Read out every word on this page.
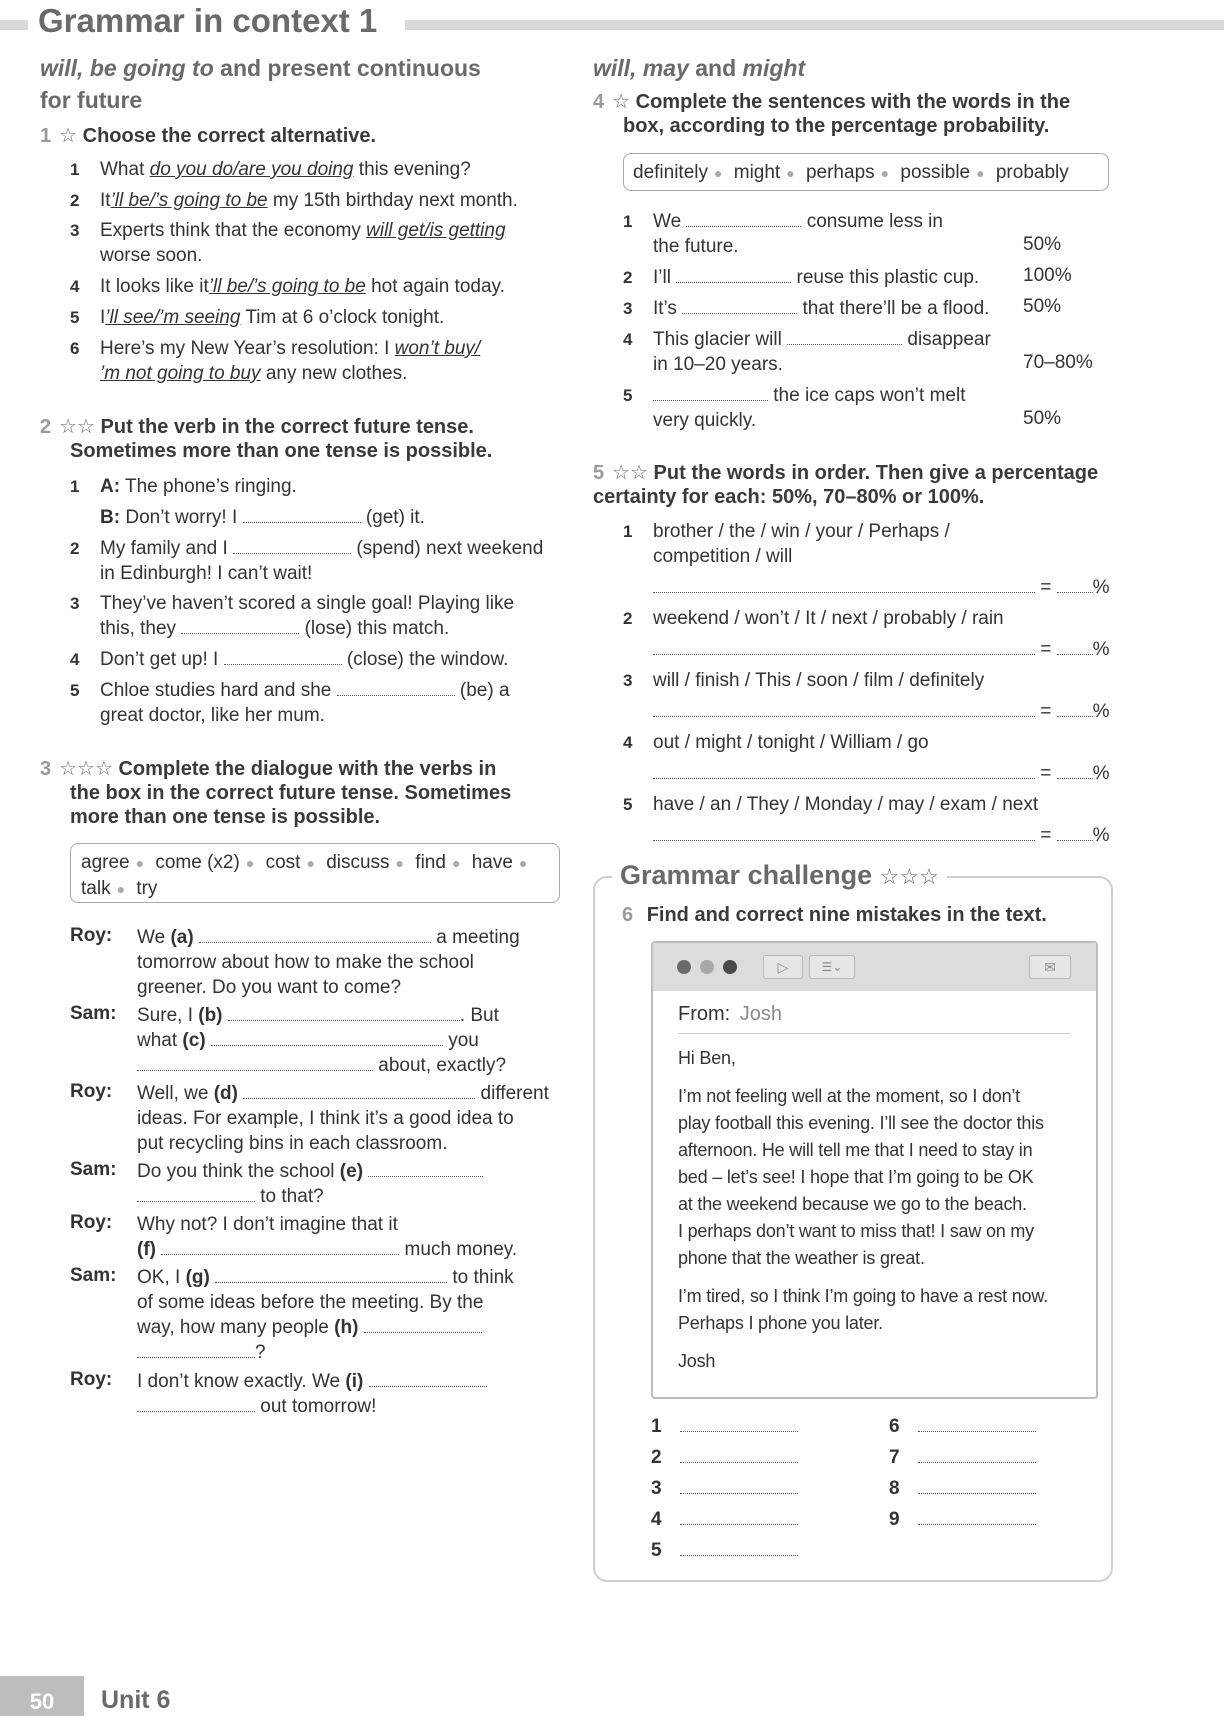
Grammar in context 1
will, be going to and present continuous
for future
1 ☆ Choose the correct alternative.
1 What do you do/are you doing this evening?
2 It’ll be/’s going to be my 15th birthday next month.
3 Experts think that the economy will get/is getting
worse soon.
4 It looks like it’ll be/’s going to be hot again today.
5 I’ll see/’m seeing Tim at 6 o’clock tonight.
6 Here’s my New Year’s resolution: I won’t buy/
’m not going to buy any new clothes.
2 ☆☆ Put the verb in the correct future tense.
Sometimes more than one tense is possible.
1 A: The phone’s ringing.
B: Don’t worry! I	(get) it.
2 My family and I	(spend) next weekend
in Edinburgh! I can’t wait!
3 They’ve haven’t scored a single goal! Playing like
this, they	(lose) this match.
4 Don’t get up! I	(close) the window.
5 Chloe studies hard and she	(be) a
great doctor, like her mum.
3 ☆☆☆ Complete the dialogue with the verbs in
the box in the correct future tense. Sometimes
more than one tense is possible.
agree ● come (x2) ● cost ● discuss ● find ● have ●
talk ● try
Roy: We (a)	a meeting
tomorrow about how to make the school
greener. Do you want to come?
Sam: Sure, I (b)	. But
what (c)	you
about, exactly?
Roy: Well, we (d)	different
ideas. For example, I think it’s a good idea to
put recycling bins in each classroom.
Sam: Do you think the school (e)
to that?
Roy: Why not? I don’t imagine that it
(f)	much money.
Sam: OK, I (g)	to think
of some ideas before the meeting. By the
way, how many people (h)
?
Roy: I don’t know exactly. We (i)
out tomorrow!
will, may and might
4 ☆ Complete the sentences with the words in the
box, according to the percentage probability.
definitely ● might ● perhaps ● possible ● probably
1 We	consume less in
the future.	50%
2 I’ll	reuse this plastic cup.	100%
3 It’s	that there’ll be a flood.	50%
4 This glacier will	disappear
in 10–20 years.	70–80%
5	the ice caps won’t melt
very quickly.	50%
5 ☆☆ Put the words in order. Then give a percentage
certainty for each: 50%, 70–80% or 100%.
1 brother / the / win / your / Perhaps /
competition / will
= %
2 weekend / won’t / It / next / probably / rain
= %
3 will / finish / This / soon / film / definitely
= %
4 out / might / tonight / William / go
= %
5 have / an / They / Monday / may / exam / next
= %
Grammar challenge ☆☆☆
6 Find and correct nine mistakes in the text.
▷	☰⌄	✉
From: Josh
Hi Ben,
I’m not feeling well at the moment, so I don’t
play football this evening. I’ll see the doctor this
afternoon. He will tell me that I need to stay in
bed – let’s see! I hope that I’m going to be OK
at the weekend because we go to the beach.
I perhaps don’t want to miss that! I saw on my
phone that the weather is great.
I’m tired, so I think I’m going to have a rest now.
Perhaps I phone you later.
Josh
1
2
3
4
5
6
7
8
9
50	Unit 6
